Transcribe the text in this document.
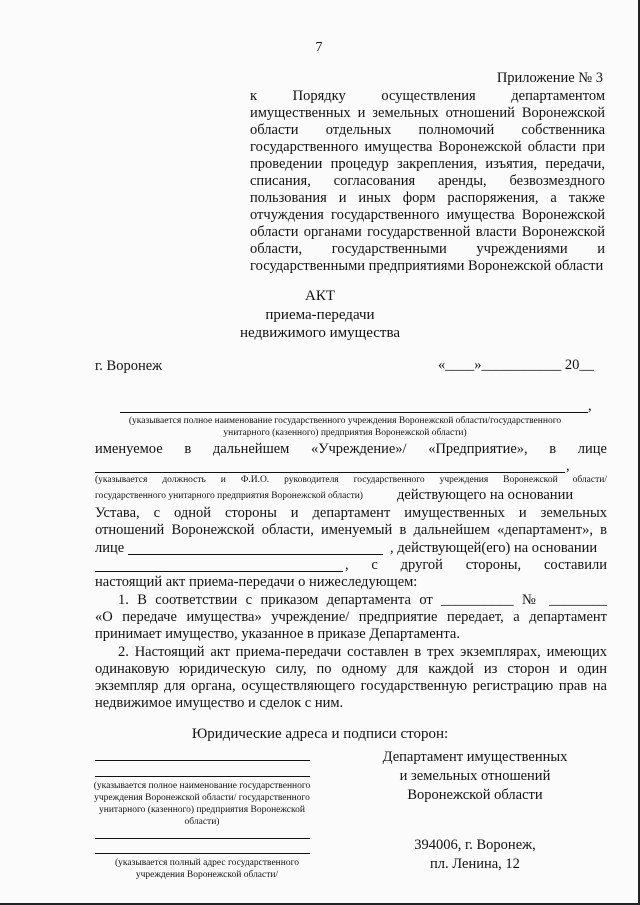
7
Приложение № 3
к Порядку осуществления департаментом
имущественных и земельных отношений Воронежской
области отдельных полномочий собственника
государственного имущества Воронежской области при
проведении процедур закрепления, изъятия, передачи,
списания, согласования аренды, безвозмездного
пользования и иных форм распоряжения, а также
отчуждения государственного имущества Воронежской
области органами государственной власти Воронежской
области, государственными учреждениями и
государственными предприятиями Воронежской области
АКТ
приема-передачи
недвижимого имущества
г. Воронеж	«____»___________ 20__
,
(указывается полное наименование государственного учреждения Воронежской области/государственного
унитарного (казенного) предприятия Воронежской области)
именуемое в дальнейшем «Учреждение»/ «Предприятие», в лице
,
(указывается должность и Ф.И.О. руководителя государственного учреждения Воронежской области/
государственного унитарного предприятия Воронежской области)	действующего на основании
Устава, с одной стороны и департамент имущественных и земельных
отношений Воронежской области, именуемый в дальнейшем «департамент», в
лице	, действующей(его) на основании
, с другой стороны, составили
настоящий акт приема-передачи о нижеследующем:
1. В соответствии с приказом департамента от __________ № ________
«О передаче имущества» учреждение/ предприятие передает, а департамент
принимает имущество, указанное в приказе Департамента.
2. Настоящий акт приема-передачи составлен в трех экземплярах, имеющих одинаковую юридическую силу, по одному для каждой из сторон и один экземпляр для органа, осуществляющего государственную регистрацию прав на недвижимое имущество и сделок с ним.
Юридические адреса и подписи сторон:
(указывается полное наименование государственного учреждения Воронежской области/ государственного унитарного (казенного) предприятия Воронежской области)
(указывается полный адрес государственного учреждения Воронежской области/
Департамент имущественных
и земельных отношений
Воронежской области
394006, г. Воронеж,
пл. Ленина, 12
